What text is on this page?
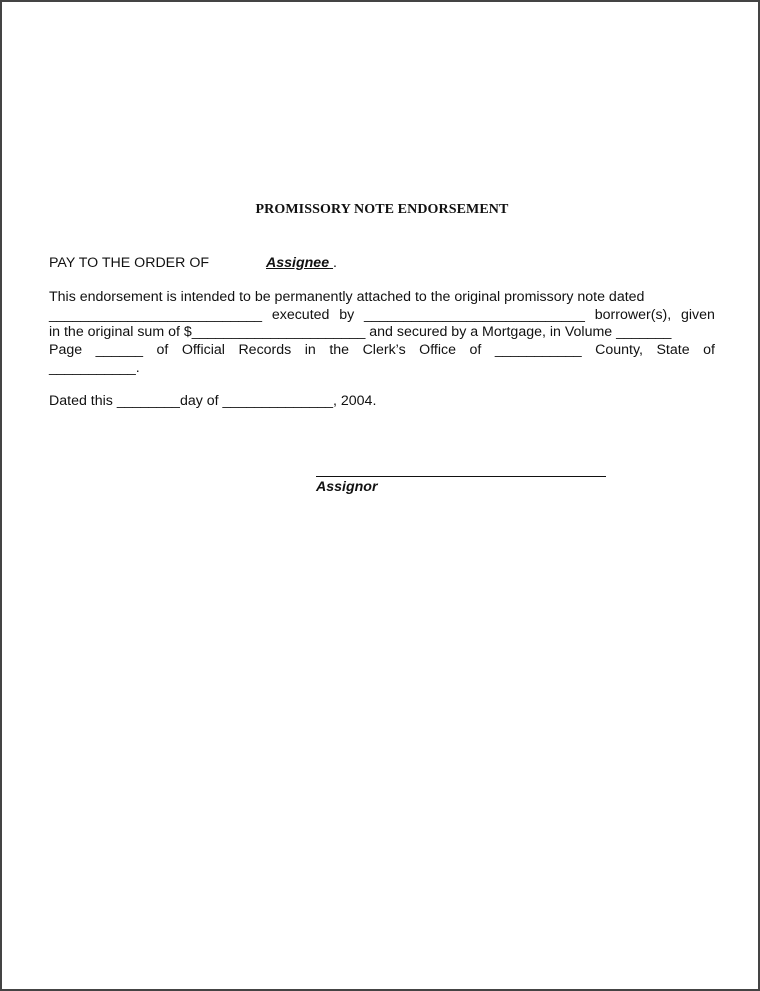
PROMISSORY NOTE ENDORSEMENT
PAY TO THE ORDER OF	Assignee .
This endorsement is intended to be permanently attached to the original promissory note dated
___________________________ executed by ____________________________ borrower(s), given
in the original sum of $______________________ and secured by a Mortgage, in Volume _______
Page ______ of Official Records in the Clerk’s Office of ___________ County, State of
___________.
Dated this ________day of ______________, 2004.
Assignor
